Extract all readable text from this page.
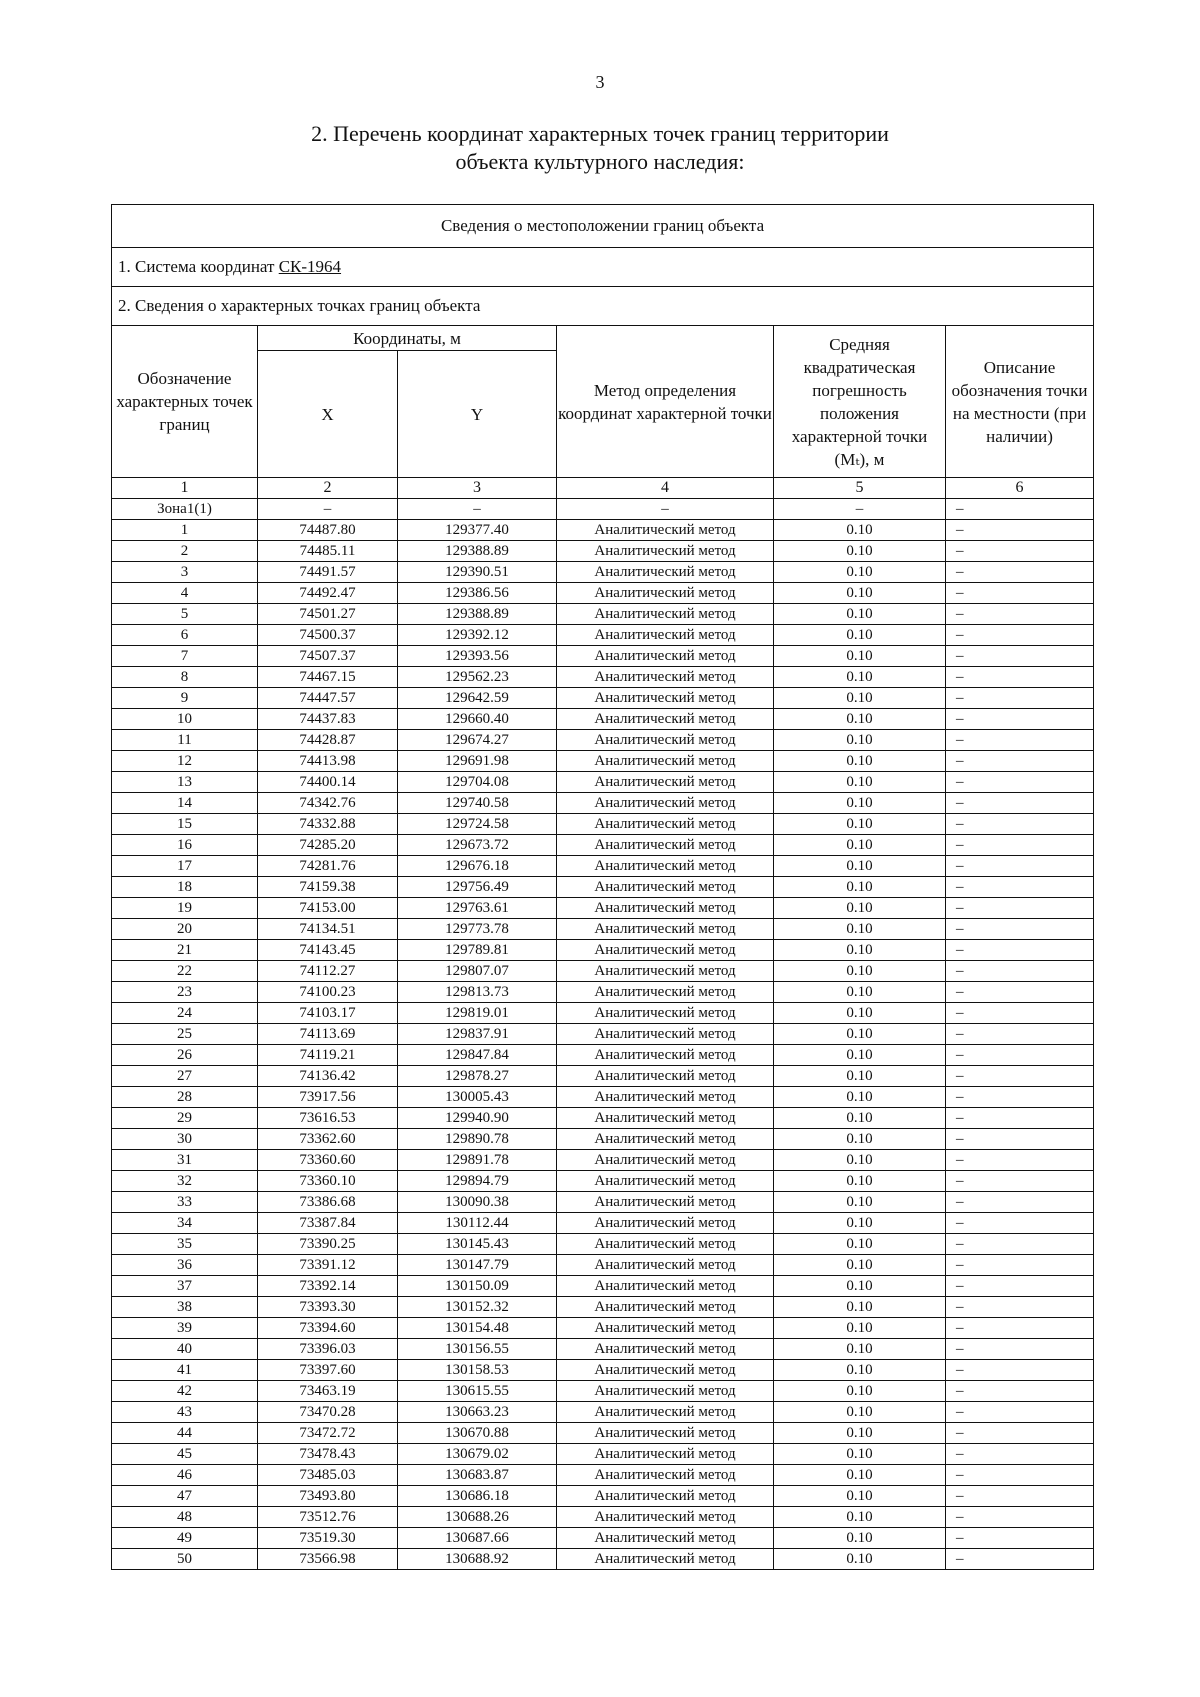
3
2. Перечень координат характерных точек границ территории
объекта культурного наследия:
Сведения о местоположении границ объекта					
1. Система координат СК-1964					
2. Сведения о характерных точках границ объекта					
Обозначение характерных точек границ	Координаты, м		Метод определения координат характерной точки	Средняя квадратическая погрешность положения характерной точки (Mₜ), м	Описание обозначения точки на местности (при наличии)
	X	Y			
1	2	3	4	5	6
Зона1(1)	–	–	–	–	–
1	74487.80	129377.40	Аналитический метод	0.10	–
2	74485.11	129388.89	Аналитический метод	0.10	–
3	74491.57	129390.51	Аналитический метод	0.10	–
4	74492.47	129386.56	Аналитический метод	0.10	–
5	74501.27	129388.89	Аналитический метод	0.10	–
6	74500.37	129392.12	Аналитический метод	0.10	–
7	74507.37	129393.56	Аналитический метод	0.10	–
8	74467.15	129562.23	Аналитический метод	0.10	–
9	74447.57	129642.59	Аналитический метод	0.10	–
10	74437.83	129660.40	Аналитический метод	0.10	–
11	74428.87	129674.27	Аналитический метод	0.10	–
12	74413.98	129691.98	Аналитический метод	0.10	–
13	74400.14	129704.08	Аналитический метод	0.10	–
14	74342.76	129740.58	Аналитический метод	0.10	–
15	74332.88	129724.58	Аналитический метод	0.10	–
16	74285.20	129673.72	Аналитический метод	0.10	–
17	74281.76	129676.18	Аналитический метод	0.10	–
18	74159.38	129756.49	Аналитический метод	0.10	–
19	74153.00	129763.61	Аналитический метод	0.10	–
20	74134.51	129773.78	Аналитический метод	0.10	–
21	74143.45	129789.81	Аналитический метод	0.10	–
22	74112.27	129807.07	Аналитический метод	0.10	–
23	74100.23	129813.73	Аналитический метод	0.10	–
24	74103.17	129819.01	Аналитический метод	0.10	–
25	74113.69	129837.91	Аналитический метод	0.10	–
26	74119.21	129847.84	Аналитический метод	0.10	–
27	74136.42	129878.27	Аналитический метод	0.10	–
28	73917.56	130005.43	Аналитический метод	0.10	–
29	73616.53	129940.90	Аналитический метод	0.10	–
30	73362.60	129890.78	Аналитический метод	0.10	–
31	73360.60	129891.78	Аналитический метод	0.10	–
32	73360.10	129894.79	Аналитический метод	0.10	–
33	73386.68	130090.38	Аналитический метод	0.10	–
34	73387.84	130112.44	Аналитический метод	0.10	–
35	73390.25	130145.43	Аналитический метод	0.10	–
36	73391.12	130147.79	Аналитический метод	0.10	–
37	73392.14	130150.09	Аналитический метод	0.10	–
38	73393.30	130152.32	Аналитический метод	0.10	–
39	73394.60	130154.48	Аналитический метод	0.10	–
40	73396.03	130156.55	Аналитический метод	0.10	–
41	73397.60	130158.53	Аналитический метод	0.10	–
42	73463.19	130615.55	Аналитический метод	0.10	–
43	73470.28	130663.23	Аналитический метод	0.10	–
44	73472.72	130670.88	Аналитический метод	0.10	–
45	73478.43	130679.02	Аналитический метод	0.10	–
46	73485.03	130683.87	Аналитический метод	0.10	–
47	73493.80	130686.18	Аналитический метод	0.10	–
48	73512.76	130688.26	Аналитический метод	0.10	–
49	73519.30	130687.66	Аналитический метод	0.10	–
50	73566.98	130688.92	Аналитический метод	0.10	–
